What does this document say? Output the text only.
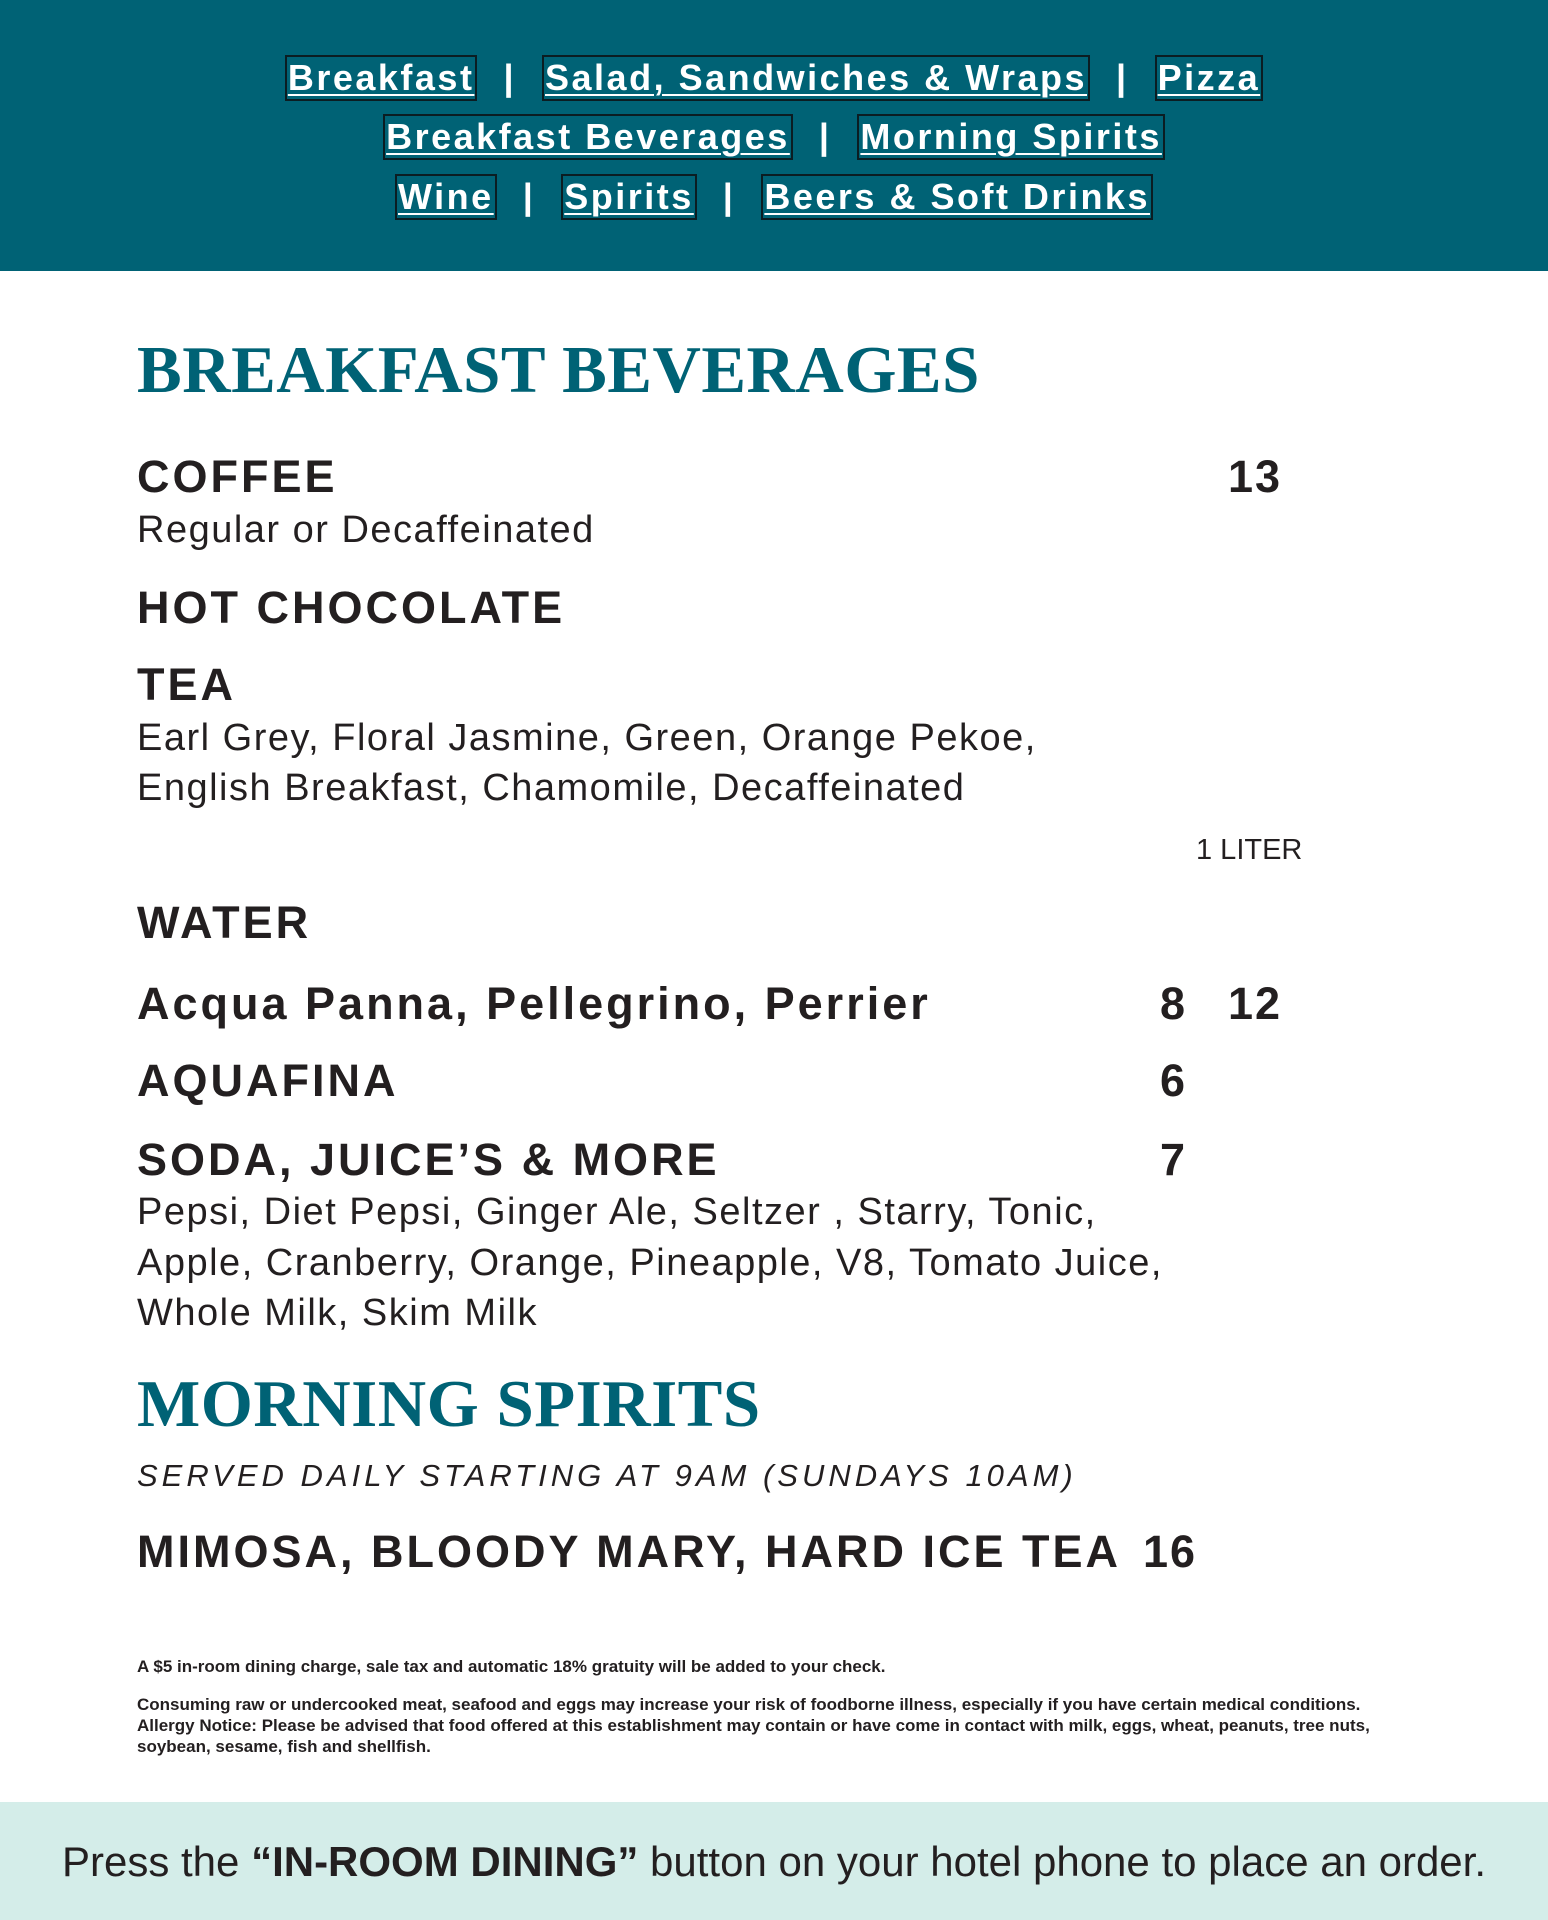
Breakfast | Salad, Sandwiches & Wraps | Pizza
Breakfast Beverages | Morning Spirits
Wine | Spirits | Beers & Soft Drinks
BREAKFAST BEVERAGES
COFFEE	13
Regular or Decaffeinated
HOT CHOCOLATE
TEA
Earl Grey, Floral Jasmine, Green, Orange Pekoe,
English Breakfast, Chamomile, Decaffeinated
1 LITER
WATER
Acqua Panna, Pellegrino, Perrier	8 12
AQUAFINA	6
SODA, JUICE’S & MORE	7
Pepsi, Diet Pepsi, Ginger Ale, Seltzer , Starry, Tonic,
Apple, Cranberry, Orange, Pineapple, V8, Tomato Juice,
Whole Milk, Skim Milk
MORNING SPIRITS
SERVED DAILY STARTING AT 9AM (SUNDAYS 10AM)
MIMOSA, BLOODY MARY, HARD ICE TEA 16
A $5 in-room dining charge, sale tax and automatic 18% gratuity will be added to your check.
Consuming raw or undercooked meat, seafood and eggs may increase your risk of foodborne illness, especially if you have certain medical conditions.
Allergy Notice: Please be advised that food offered at this establishment may contain or have come in contact with milk, eggs, wheat, peanuts, tree nuts, soybean, sesame, fish and shellfish.
Press the “IN-ROOM DINING” button on your hotel phone to place an order.
